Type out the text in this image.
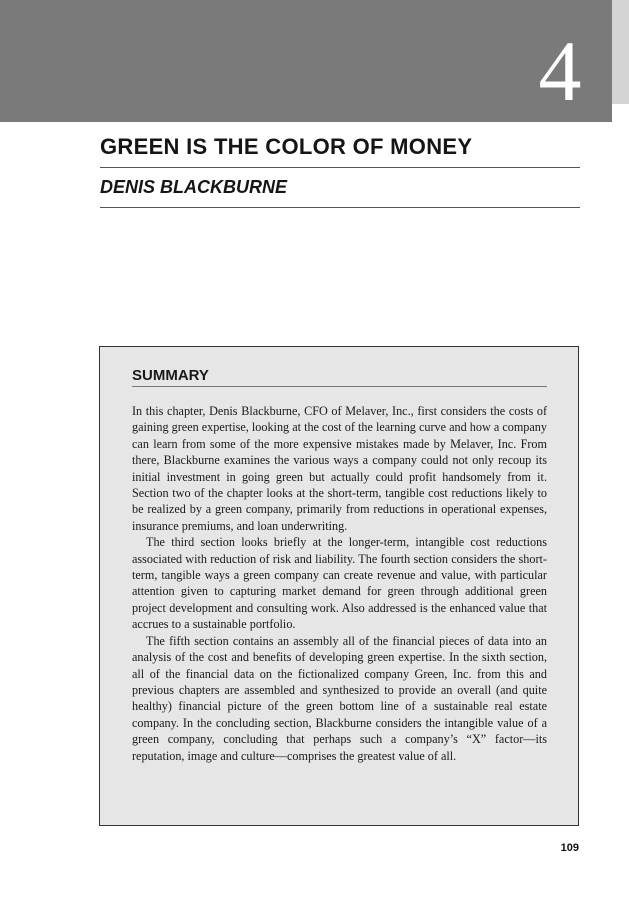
4
GREEN IS THE COLOR OF MONEY
DENIS BLACKBURNE
SUMMARY

In this chapter, Denis Blackburne, CFO of Melaver, Inc., first considers the costs of gaining green expertise, looking at the cost of the learning curve and how a company can learn from some of the more expensive mistakes made by Melaver, Inc. From there, Blackburne examines the various ways a company could not only recoup its initial investment in going green but actually could profit handsomely from it. Section two of the chapter looks at the short-term, tangible cost reductions likely to be realized by a green company, primarily from reductions in operational expenses, insurance premiums, and loan underwriting.

The third section looks briefly at the longer-term, intangible cost reductions associated with reduction of risk and liability. The fourth section considers the short-term, tangible ways a green company can create revenue and value, with particular attention given to capturing market demand for green through additional green project development and consulting work. Also addressed is the enhanced value that accrues to a sustainable portfolio.

The fifth section contains an assembly all of the financial pieces of data into an analysis of the cost and benefits of developing green expertise. In the sixth section, all of the financial data on the fictionalized company Green, Inc. from this and previous chapters are assembled and synthesized to provide an overall (and quite healthy) financial picture of the green bottom line of a sustainable real estate company. In the concluding section, Blackburne considers the intangible value of a green company, concluding that perhaps such a company’s “X” factor—its reputation, image and culture—comprises the greatest value of all.

109
